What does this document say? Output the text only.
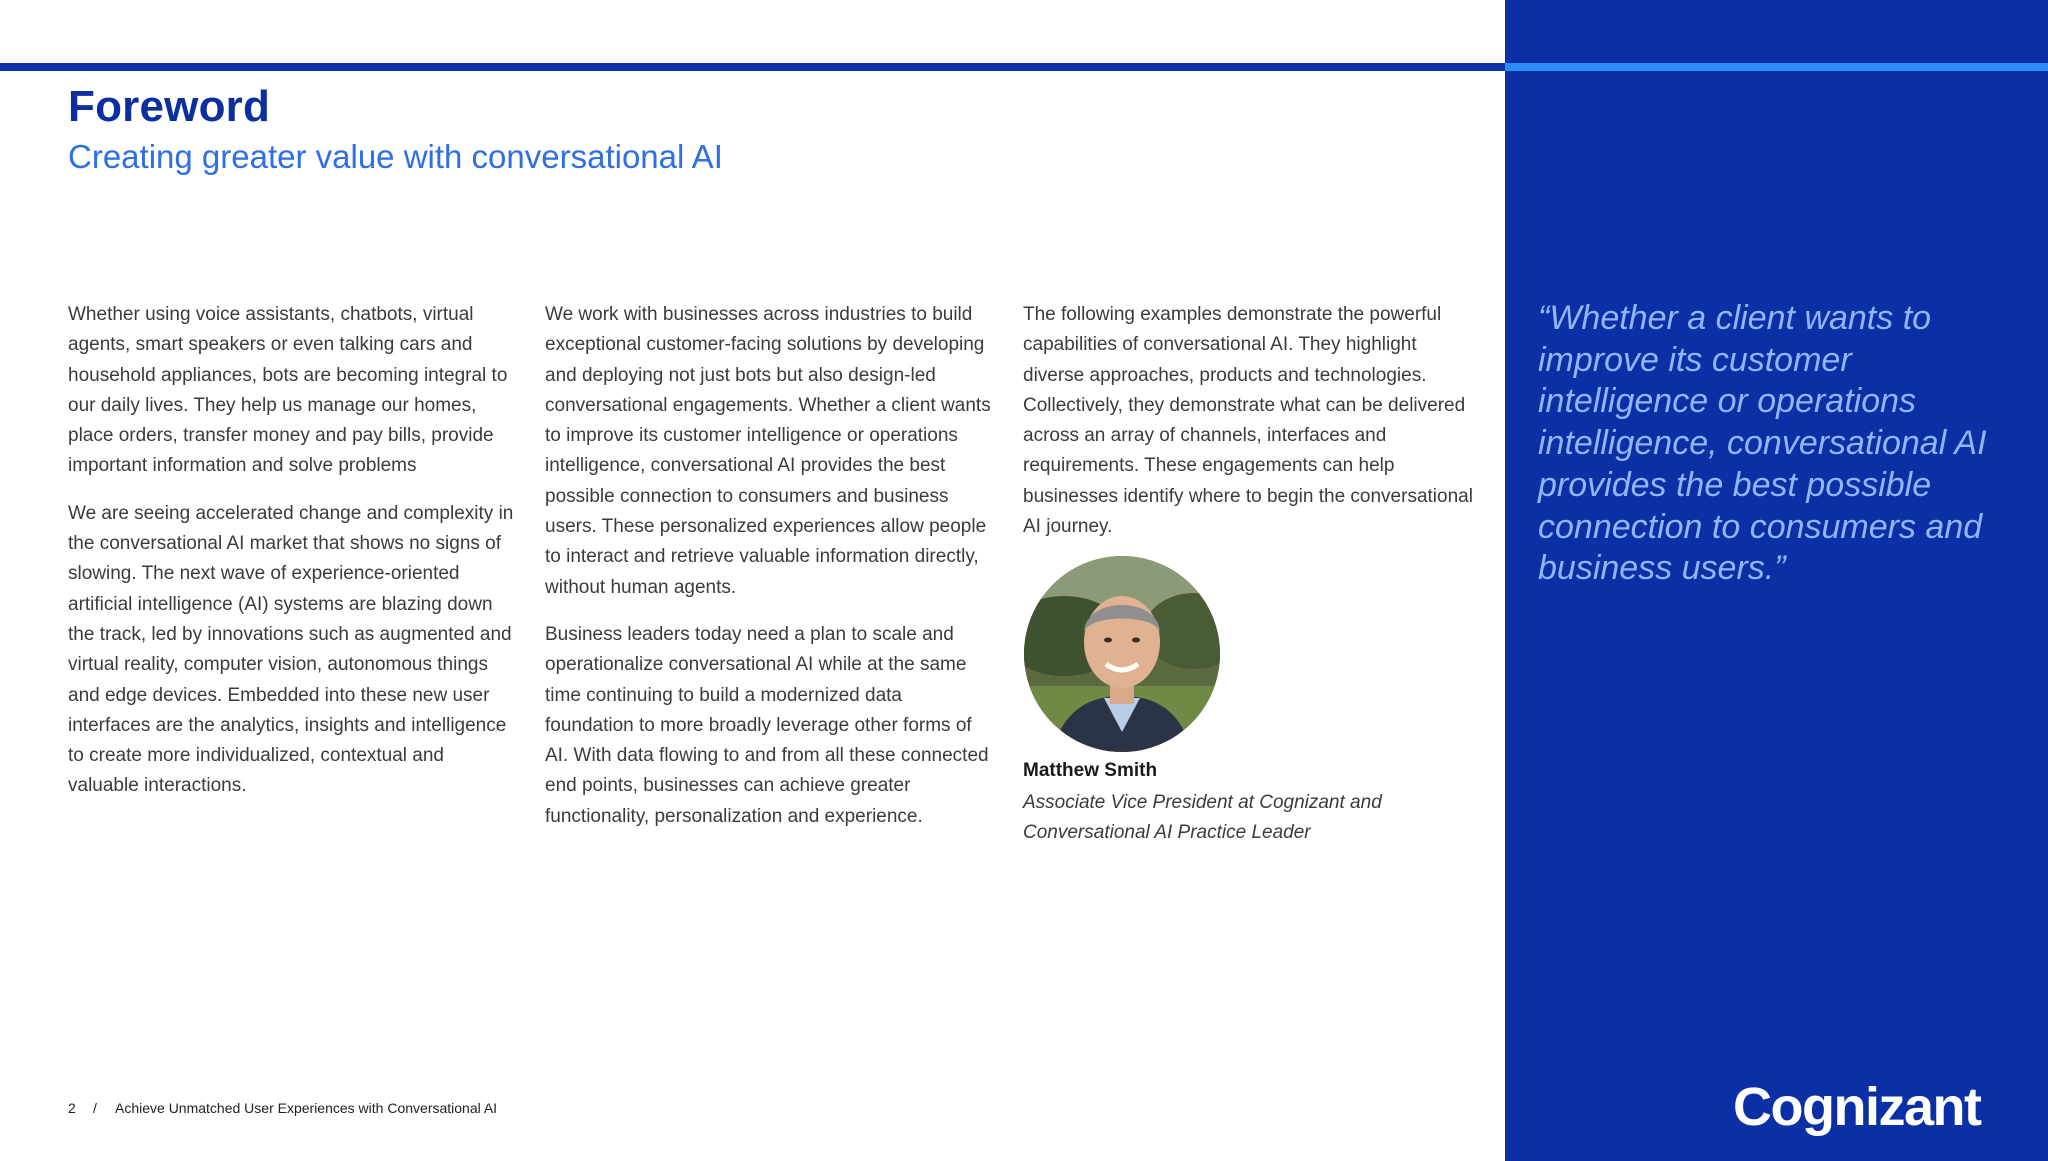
Foreword
Creating greater value with conversational AI

Whether using voice assistants, chatbots, virtual agents, smart speakers or even talking cars and household appliances, bots are becoming integral to our daily lives. They help us manage our homes, place orders, transfer money and pay bills, provide important information and solve problems

We are seeing accelerated change and complexity in the conversational AI market that shows no signs of slowing. The next wave of experience-oriented artificial intelligence (AI) systems are blazing down the track, led by innovations such as augmented and virtual reality, computer vision, autonomous things and edge devices. Embedded into these new user interfaces are the analytics, insights and intelligence to create more individualized, contextual and valuable interactions.

We work with businesses across industries to build exceptional customer-facing solutions by developing and deploying not just bots but also design-led conversational engagements. Whether a client wants to improve its customer intelligence or operations intelligence, conversational AI provides the best possible connection to consumers and business users. These personalized experiences allow people to interact and retrieve valuable information directly, without human agents.

Business leaders today need a plan to scale and operationalize conversational AI while at the same time continuing to build a modernized data foundation to more broadly leverage other forms of AI. With data flowing to and from all these connected end points, businesses can achieve greater functionality, personalization and experience.

The following examples demonstrate the powerful capabilities of conversational AI. They highlight diverse approaches, products and technologies. Collectively, they demonstrate what can be delivered across an array of channels, interfaces and requirements. These engagements can help businesses identify where to begin the conversational AI journey.

Matthew Smith
Associate Vice President at Cognizant and Conversational AI Practice Leader
2 / Achieve Unmatched User Experiences with Conversational AI
“Whether a client wants to improve its customer intelligence or operations intelligence, conversational AI provides the best possible connection to consumers and business users.”
Cognizant
